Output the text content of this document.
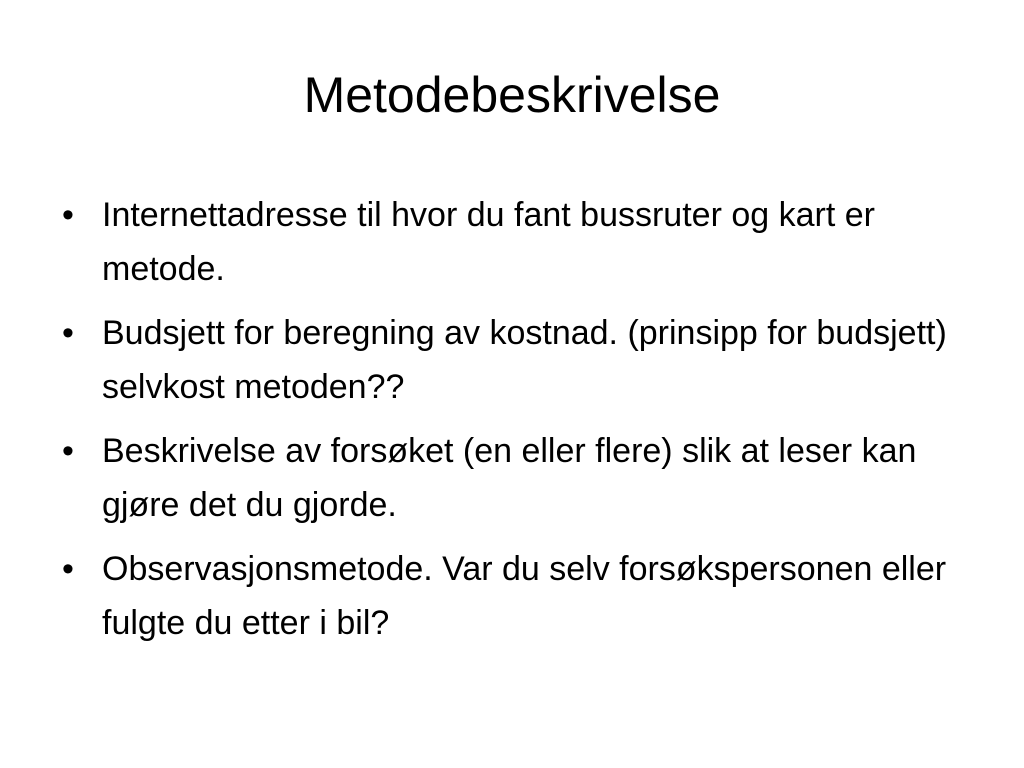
Metodebeskrivelse
• Internettadresse til hvor du fant bussruter og kart er metode.
• Budsjett for beregning av kostnad. (prinsipp for budsjett) selvkost metoden??
• Beskrivelse av forsøket (en eller flere) slik at leser kan gjøre det du gjorde.
• Observasjonsmetode. Var du selv forsøkspersonen eller fulgte du etter i bil?
